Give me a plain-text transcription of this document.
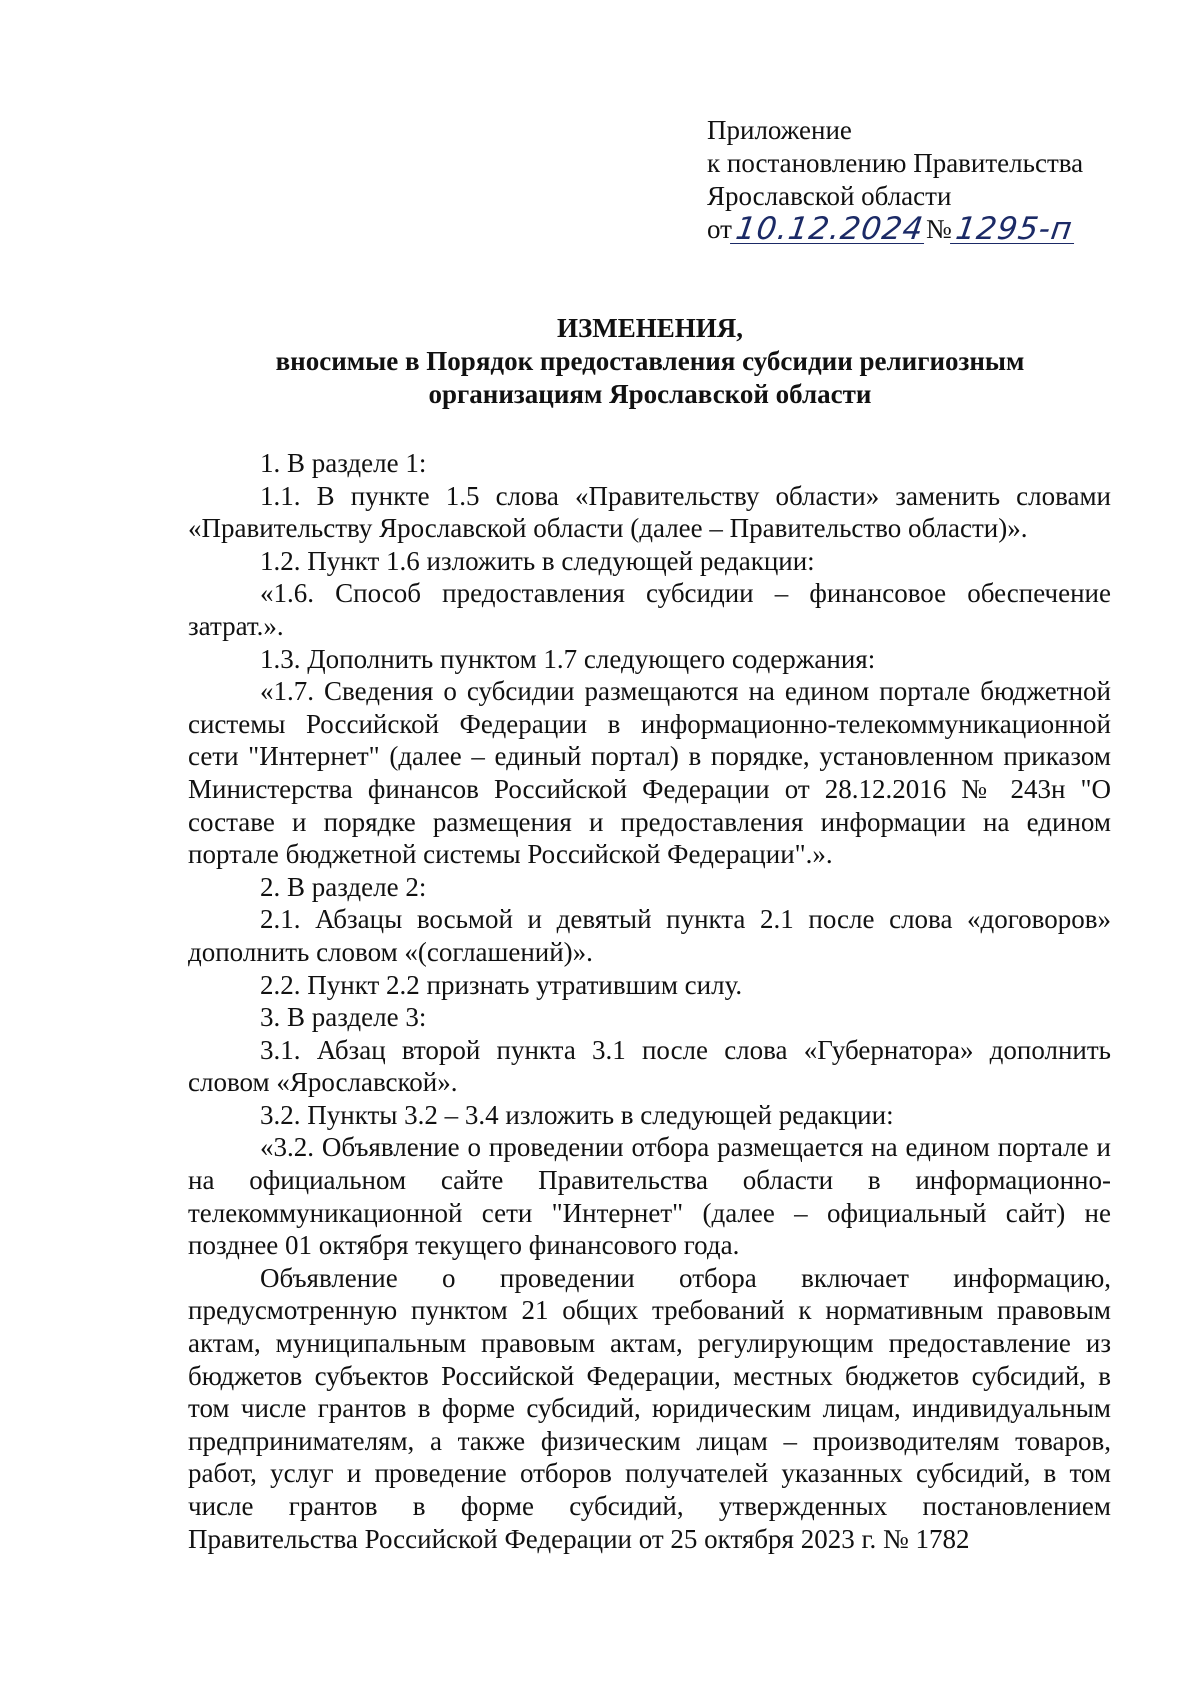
Приложение
к постановлению Правительства
Ярославской области
от 10.12.2024 № 1295-п
ИЗМЕНЕНИЯ,
вносимые в Порядок предоставления субсидии религиозным
организациям Ярославской области

1. В разделе 1:

1.1. В пункте 1.5 слова «Правительству области» заменить словами «Правительству Ярославской области (далее – Правительство области)».

1.2. Пункт 1.6 изложить в следующей редакции:

«1.6. Способ предоставления субсидии – финансовое обеспечение затрат.».

1.3. Дополнить пунктом 1.7 следующего содержания:

«1.7. Сведения о субсидии размещаются на едином портале бюджетной системы Российской Федерации в информационно-телекоммуникационной сети "Интернет" (далее – единый портал) в порядке, установленном приказом Министерства финансов Российской Федерации от 28.12.2016 № 243н "О составе и порядке размещения и предоставления информации на едином портале бюджетной системы Российской Федерации".».

2. В разделе 2:

2.1. Абзацы восьмой и девятый пункта 2.1 после слова «договоров» дополнить словом «(соглашений)».

2.2. Пункт 2.2 признать утратившим силу.

3. В разделе 3:

3.1. Абзац второй пункта 3.1 после слова «Губернатора» дополнить словом «Ярославской».

3.2. Пункты 3.2 – 3.4 изложить в следующей редакции:

«3.2. Объявление о проведении отбора размещается на едином портале и на официальном сайте Правительства области в информационно-телекоммуникационной сети "Интернет" (далее – официальный сайт) не позднее 01 октября текущего финансового года.

Объявление о проведении отбора включает информацию, предусмотренную пунктом 21 общих требований к нормативным правовым актам, муниципальным правовым актам, регулирующим предоставление из бюджетов субъектов Российской Федерации, местных бюджетов субсидий, в том числе грантов в форме субсидий, юридическим лицам, индивидуальным предпринимателям, а также физическим лицам – производителям товаров, работ, услуг и проведение отборов получателей указанных субсидий, в том числе грантов в форме субсидий, утвержденных постановлением Правительства Российской Федерации от 25 октября 2023 г. № 1782
